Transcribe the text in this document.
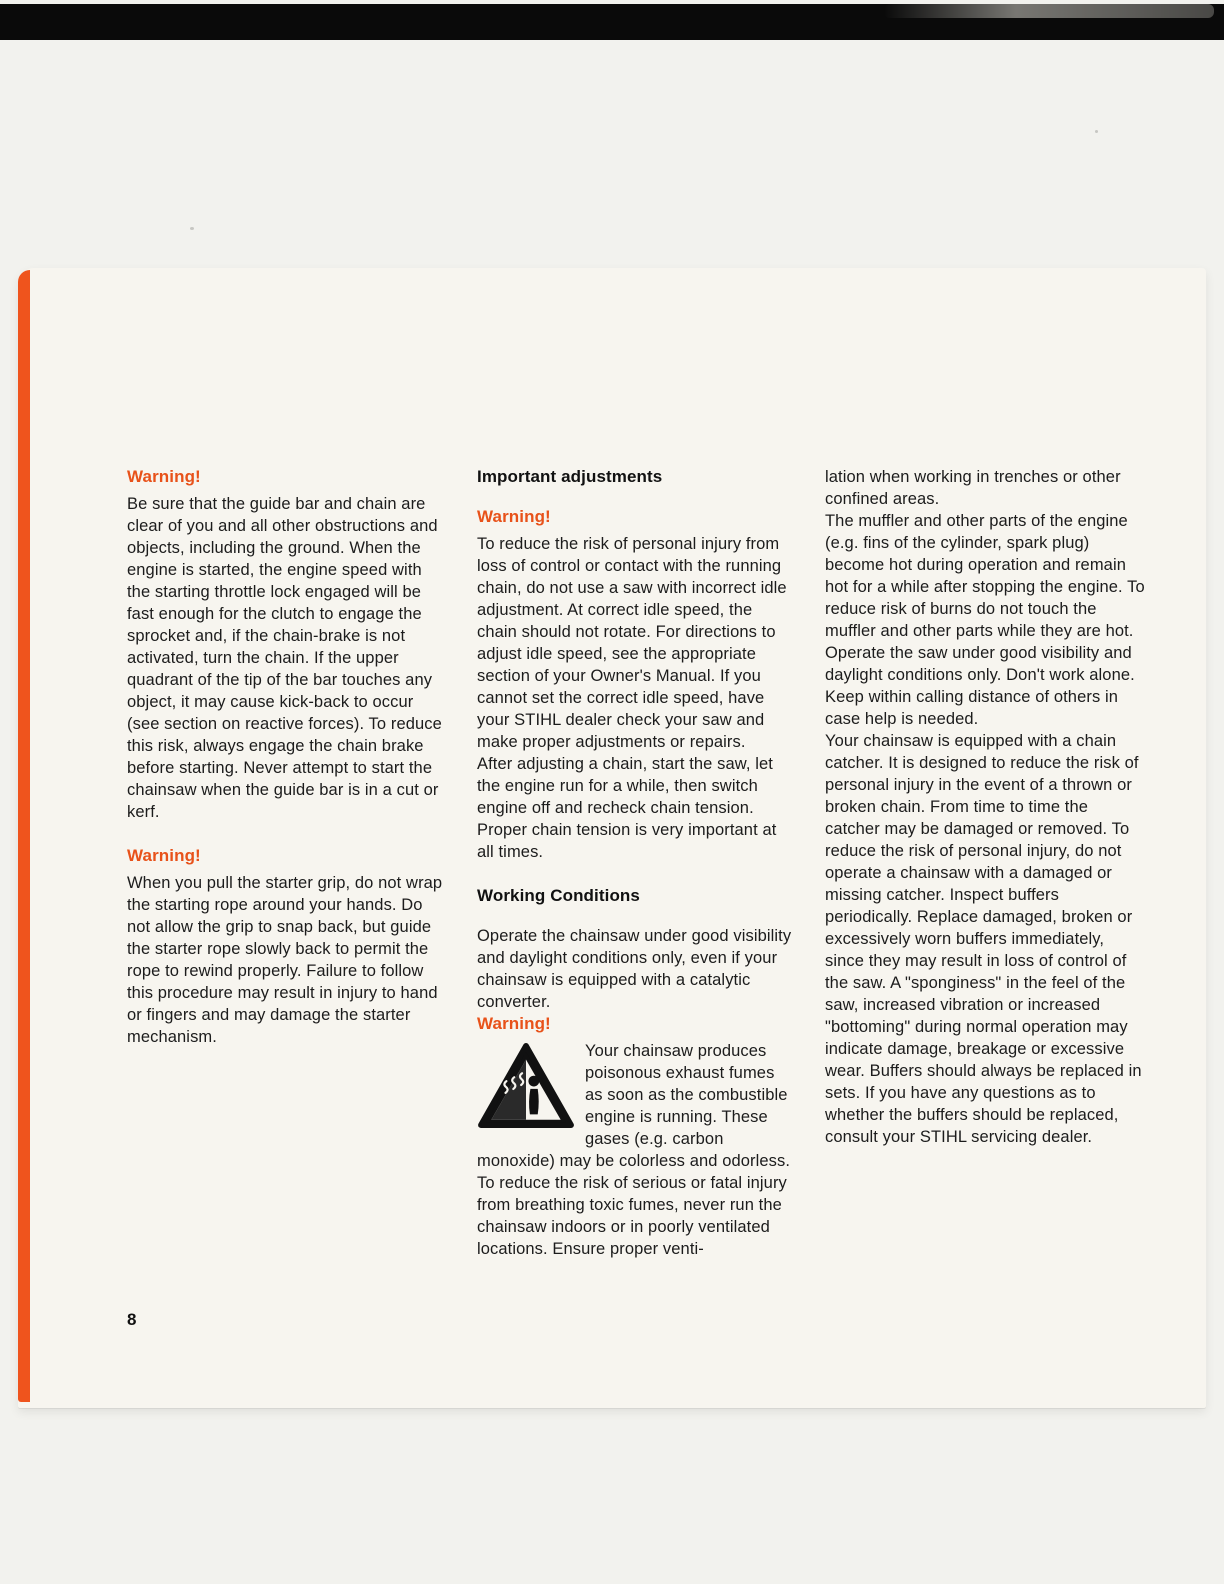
Warning!

Be sure that the guide bar and chain are clear of you and all other obstructions and objects, including the ground. When the engine is started, the engine speed with the starting throttle lock engaged will be fast enough for the clutch to engage the sprocket and, if the chain-brake is not activated, turn the chain. If the upper quadrant of the tip of the bar touches any object, it may cause kick-back to occur (see section on reactive forces). To reduce this risk, always engage the chain brake before starting. Never attempt to start the chainsaw when the guide bar is in a cut or kerf.

Warning!

When you pull the starter grip, do not wrap the starting rope around your hands. Do not allow the grip to snap back, but guide the starter rope slowly back to permit the rope to rewind properly. Failure to follow this procedure may result in injury to hand or fingers and may damage the starter mechanism.

Important adjustments
Warning!

To reduce the risk of personal injury from loss of control or contact with the running chain, do not use a saw with incorrect idle adjustment. At correct idle speed, the chain should not rotate. For directions to adjust idle speed, see the appropriate section of your Owner's Manual. If you cannot set the correct idle speed, have your STIHL dealer check your saw and make proper adjustments or repairs.

After adjusting a chain, start the saw, let the engine run for a while, then switch engine off and recheck chain tension. Proper chain tension is very important at all times.

Working Conditions

Operate the chainsaw under good visibility and daylight conditions only, even if your chainsaw is equipped with a catalytic converter.

Warning!

Your chainsaw produces poisonous exhaust fumes as soon as the combustible engine is running. These gases (e.g. carbon monoxide) may be colorless and odorless.

To reduce the risk of serious or fatal injury from breathing toxic fumes, never run the chainsaw indoors or in poorly ventilated locations. Ensure proper venti-

lation when working in trenches or other confined areas.

The muffler and other parts of the engine (e.g. fins of the cylinder, spark plug) become hot during operation and remain hot for a while after stopping the engine. To reduce risk of burns do not touch the muffler and other parts while they are hot. Operate the saw under good visibility and daylight conditions only. Don't work alone. Keep within calling distance of others in case help is needed.

Your chainsaw is equipped with a chain catcher. It is designed to reduce the risk of personal injury in the event of a thrown or broken chain. From time to time the catcher may be damaged or removed. To reduce the risk of personal injury, do not operate a chainsaw with a damaged or missing catcher. Inspect buffers periodically. Replace damaged, broken or excessively worn buffers immediately, since they may result in loss of control of the saw. A "sponginess" in the feel of the saw, increased vibration or increased "bottoming" during normal operation may indicate damage, breakage or excessive wear. Buffers should always be replaced in sets. If you have any questions as to whether the buffers should be replaced, consult your STIHL servicing dealer.

8
